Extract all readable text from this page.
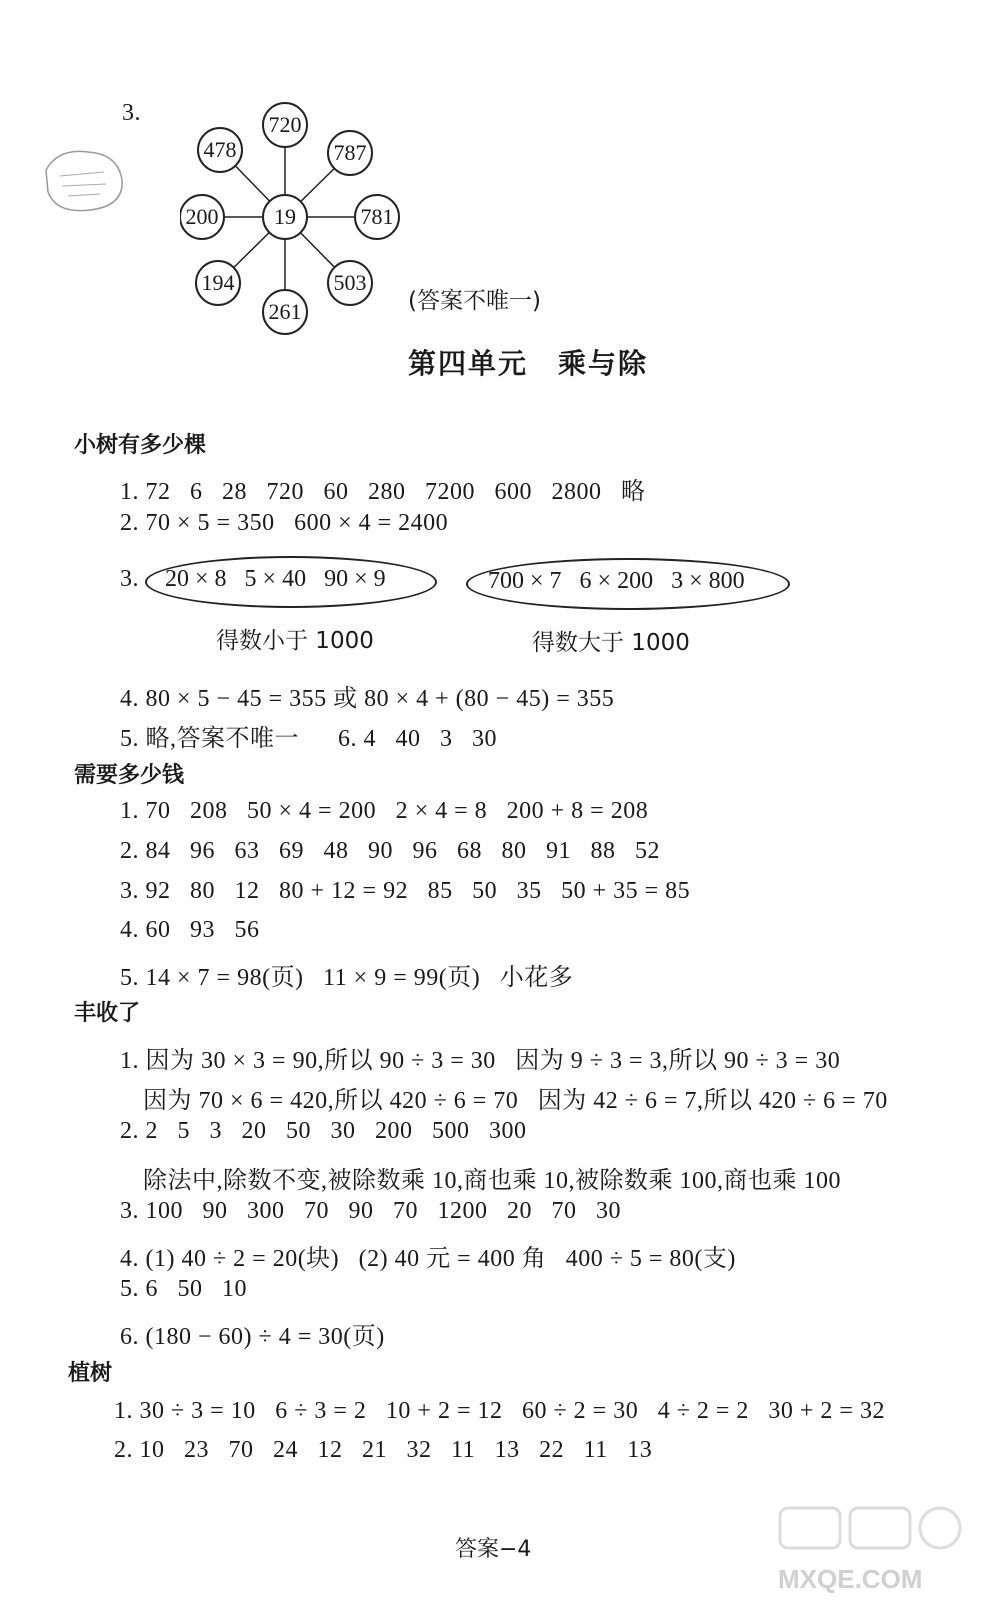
3.	720
787
781
503
261
194
200
478
19
(答案不唯一)
第四单元　乘与除
小树有多少棵
1. 72   6   28   720   60   280   7200   600   2800   略
2. 70 × 5 = 350   600 × 4 = 2400
3. 20 × 8   5 × 40   90 × 9	700 × 7   6 × 200   3 × 800
得数小于 1000	得数大于 1000
4. 80 × 5 − 45 = 355 或 80 × 4 + (80 − 45) = 355
5. 略,答案不唯一      6. 4   40   3   30
需要多少钱
1. 70   208   50 × 4 = 200   2 × 4 = 8   200 + 8 = 208
2. 84   96   63   69   48   90   96   68   80   91   88   52
3. 92   80   12   80 + 12 = 92   85   50   35   50 + 35 = 85
4. 60   93   56
5. 14 × 7 = 98(页)   11 × 9 = 99(页)   小花多
丰收了
1. 因为 30 × 3 = 90,所以 90 ÷ 3 = 30   因为 9 ÷ 3 = 3,所以 90 ÷ 3 = 30
因为 70 × 6 = 420,所以 420 ÷ 6 = 70   因为 42 ÷ 6 = 7,所以 420 ÷ 6 = 70
2. 2   5   3   20   50   30   200   500   300
除法中,除数不变,被除数乘 10,商也乘 10,被除数乘 100,商也乘 100
3. 100   90   300   70   90   70   1200   20   70   30
4. (1) 40 ÷ 2 = 20(块)   (2) 40 元 = 400 角   400 ÷ 5 = 80(支)
5. 6   50   10
6. (180 − 60) ÷ 4 = 30(页)
植树
1. 30 ÷ 3 = 10   6 ÷ 3 = 2   10 + 2 = 12   60 ÷ 2 = 30   4 ÷ 2 = 2   30 + 2 = 32
2. 10   23   70   24   12   21   32   11   13   22   11   13
答案−4
MXQE.COM
